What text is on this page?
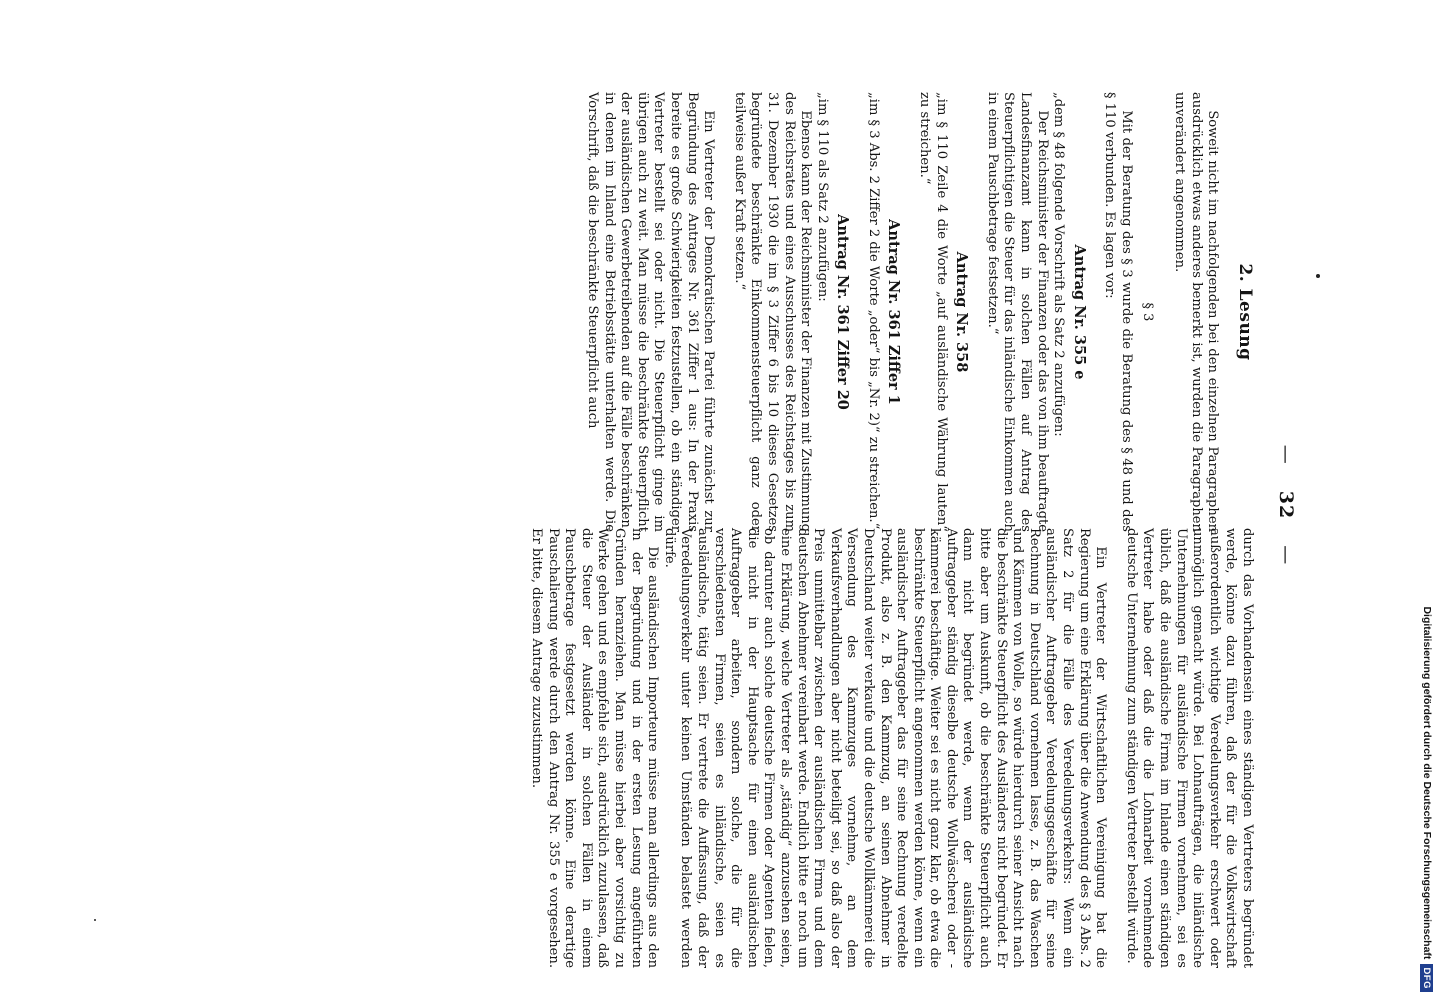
—32—
2. Lesung

Soweit nicht im nachfolgenden bei den einzelnen Paragraphen ausdrücklich etwas anderes bemerkt ist, wurden die Paragraphen unverändert angenommen.

§ 3

Mit der Beratung des § 3 wurde die Beratung des § 48 und des § 110 verbunden. Es lagen vor:

Antrag Nr. 355 e

„dem § 48 folgende Vorschrift als Satz 2 anzufügen:

Der Reichsminister der Finanzen oder das von ihm beauftragte Landesfinanzamt kann in solchen Fällen auf Antrag des Steuerpflichtigen die Steuer für das inländische Einkommen auch in einem Pauschbetrage festsetzen.“

Antrag Nr. 358

„im § 110 Zeile 4 die Worte „auf ausländische Währung lauten“ zu streichen.“

Antrag Nr. 361 Ziffer 1

„im § 3 Abs. 2 Ziffer 2 die Worte „oder“ bis „Nr. 2)“ zu streichen.“

Antrag Nr. 361 Ziffer 20

„im § 110 als Satz 2 anzufügen:

Ebenso kann der Reichsminister der Finanzen mit Zustimmung des Reichsrates und eines Ausschusses des Reichstages bis zum 31. Dezember 1930 die im § 3 Ziffer 6 bis 10 dieses Gesetzes begründete beschränkte Einkommensteuerpflicht ganz oder teilweise außer Kraft setzen.“

Ein Vertreter der Demokratischen Partei führte zunächst zur Begründung des Antrages Nr. 361 Ziffer 1 aus: In der Praxis bereite es große Schwierigkeiten festzustellen, ob ein ständiger Vertreter bestellt sei oder nicht. Die Steuerpflicht ginge im übrigen auch zu weit. Man müsse die beschränkte Steuerpflicht der ausländischen Gewerbetreibenden auf die Fälle beschränken, in denen im Inland eine Betriebsstätte unterhalten werde. Die Vorschrift, daß die beschränkte Steuerpflicht auch

durch das Vorhandensein eines ständigen Vertreters begründet werde, könne dazu führen, daß der für die Volkswirtschaft außerordentlich wichtige Veredelungsverkehr erschwert oder unmöglich gemacht würde. Bei Lohnaufträgen, die inländische Unternehmungen für ausländische Firmen vornehmen, sei es üblich, daß die ausländische Firma im Inlande einen ständigen Vertreter habe oder daß die die Lohnarbeit vornehmende deutsche Unternehmung zum ständigen Vertreter bestellt würde.

Ein Vertreter der Wirtschaftlichen Vereinigung bat die Regierung um eine Erklärung über die Anwendung des § 3 Abs. 2 Satz 2 für die Fälle des Veredelungsverkehrs: Wenn ein ausländischer Auftraggeber Veredelungsgeschäfte für seine Rechnung in Deutschland vornehmen lasse, z. B. das Waschen und Kämmen von Wolle, so würde hierdurch seiner Ansicht nach die beschränkte Steuerpflicht des Ausländers nicht begründet. Er bitte aber um Auskunft, ob die beschränkte Steuerpflicht auch dann nicht begründet werde, wenn der ausländische Auftraggeber ständig dieselbe deutsche Wollwäscherei oder -kämmerei beschäftige. Weiter sei es nicht ganz klar, ob etwa die beschränkte Steuerpflicht angenommen werden könne, wenn ein ausländischer Auftraggeber das für seine Rechnung veredelte Produkt, also z. B. den Kammzug, an seinen Abnehmer in Deutschland weiter verkaufe und die deutsche Wollkämmerei die Versendung des Kammzuges vornehme, an dem Verkaufsverhandlungen aber nicht beteiligt sei, so daß also der Preis unmittelbar zwischen der ausländischen Firma und dem deutschen Abnehmer vereinbart werde. Endlich bitte er noch um eine Erklärung, welche Vertreter als „ständig“ anzusehen seien, ob darunter auch solche deutsche Firmen oder Agenten fielen, die nicht in der Hauptsache für einen ausländischen Auftraggeber arbeiten, sondern solche, die für die verschiedensten Firmen, seien es inländische, seien es ausländische, tätig seien. Er vertrete die Auffassung, daß der Veredelungsverkehr unter keinen Umständen belastet werden dürfe.

Die ausländischen Importeure müsse man allerdings aus den in der Begründung und in der ersten Lesung angeführten Gründen heranziehen. Man müsse hierbei aber vorsichtig zu Werke gehen und es empfehle sich, ausdrücklich zuzulassen, daß die Steuer der Ausländer in solchen Fällen in einem Pauschbetrage festgesetzt werden könne. Eine derartige Pauschalierung werde durch den Antrag Nr. 355 e vorgesehen. Er bitte, diesem Antrage zuzustimmen.	Digitalisierung gefördert durch die Deutsche Forschungsgemeinschaft
DFG
